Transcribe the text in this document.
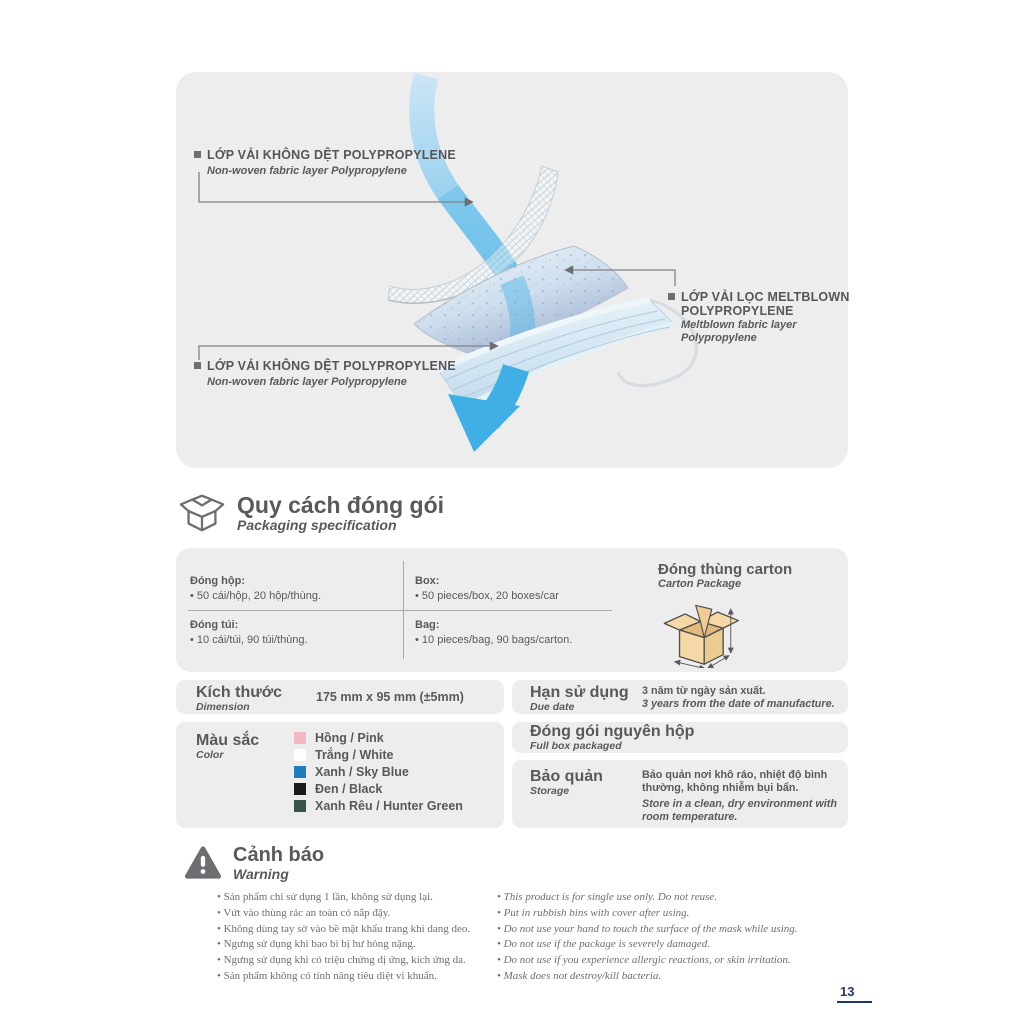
LỚP VẢI KHÔNG DỆT POLYPROPYLENE
Non-woven fabric layer Polypropylene
LỚP VẢI KHÔNG DỆT POLYPROPYLENE
Non-woven fabric layer Polypropylene
LỚP VẢI LỌC MELTBLOWN
POLYPROPYLENE
Meltblown fabric layer
Polypropylene
Quy cách đóng gói
Packaging specification
Đóng hộp:
• 50 cái/hộp, 20 hộp/thùng.
Box:
• 50 pieces/box, 20 boxes/car
Đóng túi:
• 10 cái/túi, 90 túi/thùng.
Bag:
• 10 pieces/bag, 90 bags/carton.
Đóng thùng carton
Carton Package
Kích thước
Dimension
175 mm x 95 mm (±5mm)
Màu sắc
Color
Hồng / Pink
Trắng / White
Xanh / Sky Blue
Đen / Black
Xanh Rêu / Hunter Green
Hạn sử dụng
Due date
3 năm từ ngày sản xuất.
3 years from the date of manufacture.
Đóng gói nguyên hộp
Full box packaged
Bảo quản
Storage
Bảo quản nơi khô ráo, nhiệt độ bình thường, không nhiễm bụi bẩn.
Store in a clean, dry environment with room temperature.
Cảnh báo
Warning
• Sản phẩm chỉ sử dụng 1 lần, không sử dụng lại.
• Vứt vào thùng rác an toàn có nắp đậy.
• Không dùng tay sờ vào bề mặt khẩu trang khi dang deo.
• Ngưng sử dụng khi bao bì bị hư hỏng nặng.
• Ngưng sử dụng khi có triệu chứng dị ứng, kích ứng da.
• Sản phẩm không có tính năng tiêu diệt vi khuẩn.
• This product is for single use only. Do not reuse.
• Put in rubbish bins with cover after using.
• Do not use your hand to touch the surface of the mask while using.
• Do not use if the package is severely damaged.
• Do not use if you experience allergic reactions, or skin irritation.
• Mask does not destroy/kill bacteria.
13
